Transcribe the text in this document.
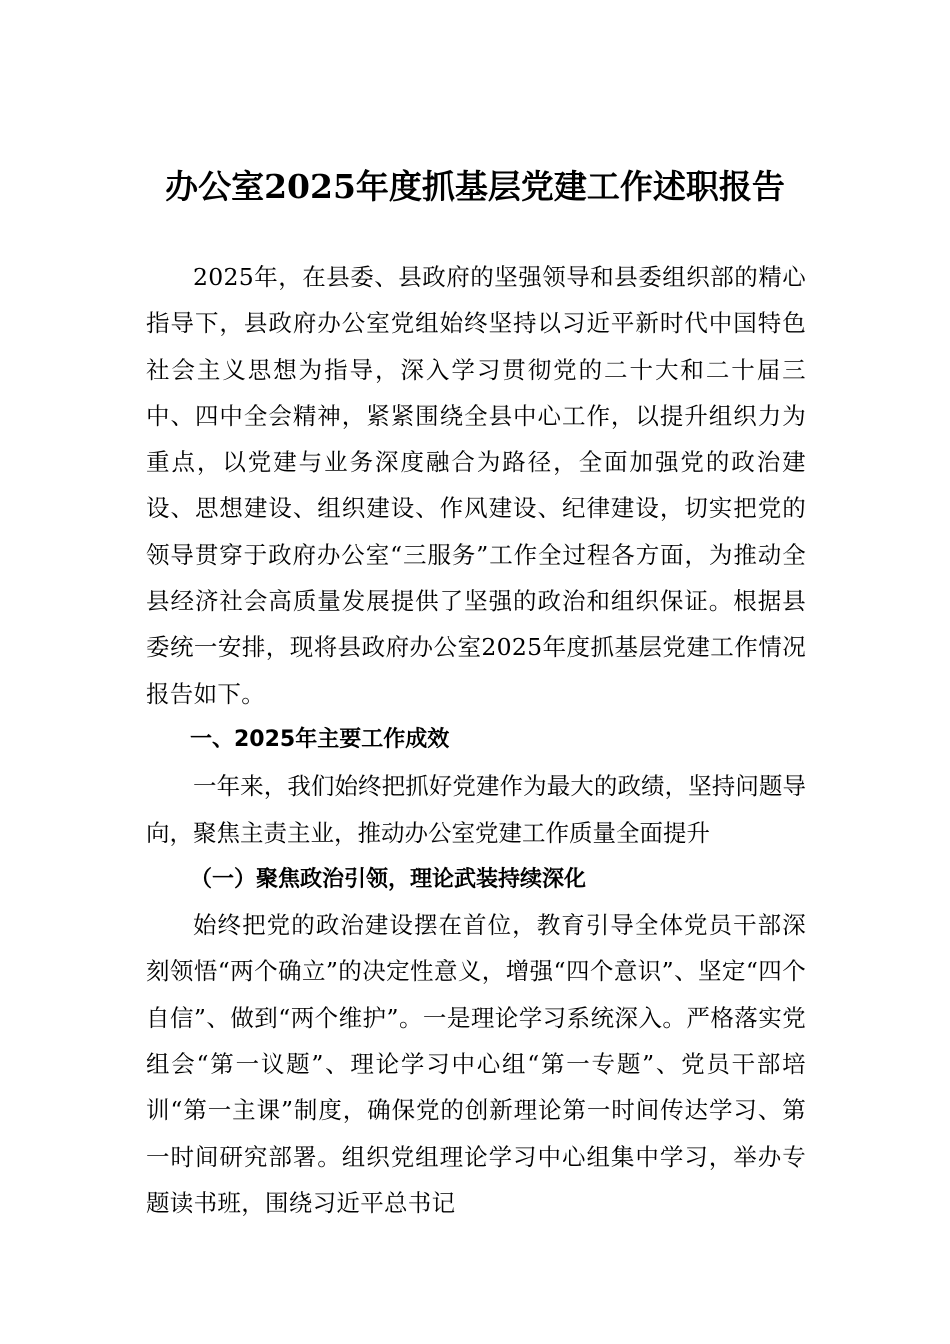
办公室2025年度抓基层党建工作述职报告

2025年，在县委、县政府的坚强领导和县委组织部的精心指导下，县政府办公室党组始终坚持以习近平新时代中国特色社会主义思想为指导，深入学习贯彻党的二十大和二十届三中、四中全会精神，紧紧围绕全县中心工作，以提升组织力为重点，以党建与业务深度融合为路径，全面加强党的政治建设、思想建设、组织建设、作风建设、纪律建设，切实把党的领导贯穿于政府办公室“三服务”工作全过程各方面，为推动全县经济社会高质量发展提供了坚强的政治和组织保证。根据县委统一安排，现将县政府办公室2025年度抓基层党建工作情况报告如下。

一、2025年主要工作成效

一年来，我们始终把抓好党建作为最大的政绩，坚持问题导向，聚焦主责主业，推动办公室党建工作质量全面提升

（一）聚焦政治引领，理论武装持续深化

始终把党的政治建设摆在首位，教育引导全体党员干部深刻领悟“两个确立”的决定性意义，增强“四个意识”、坚定“四个自信”、做到“两个维护”。一是理论学习系统深入。严格落实党组会“第一议题”、理论学习中心组“第一专题”、党员干部培训“第一主课”制度，确保党的创新理论第一时间传达学习、第一时间研究部署。组织党组理论学习中心组集中学习，举办专题读书班，围绕习近平总书记
